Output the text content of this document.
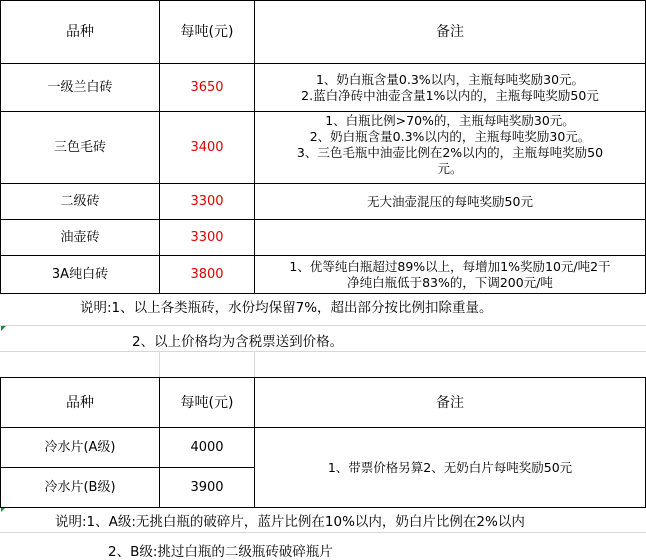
品种	每吨(元)	备注
一级兰白砖	3650	1、奶白瓶含量0.3%以内，主瓶每吨奖励30元。
2.蓝白净砖中油壶含量1%以内的，主瓶每吨奖励50元

三色毛砖	3400	1、白瓶比例>70%的，主瓶每吨奖励30元。
2、奶白瓶含量0.3%以内的，主瓶每吨奖励30元。
3、三色毛瓶中油壶比例在2%以内的，主瓶每吨奖励50
元。

二级砖	3300	无大油壶混压的每吨奖励50元
油壶砖	3300	
3A纯白砖	3800	1、优等纯白瓶超过89%以上，每增加1%奖励10元/吨2干
净纯白瓶低于83%的，下调200元/吨
说明:1、以上各类瓶砖，水份均保留7%，超出部分按比例扣除重量。
2、以上价格均为含税票送到价格。
品种	每吨(元)	备注
冷水片(A级)	4000	1、带票价格另算2、无奶白片每吨奖励50元
冷水片(B级)	3900	
说明:1、A级:无挑白瓶的破碎片，蓝片比例在10%以内，奶白片比例在2%以内
2、B级:挑过白瓶的二级瓶砖破碎瓶片
